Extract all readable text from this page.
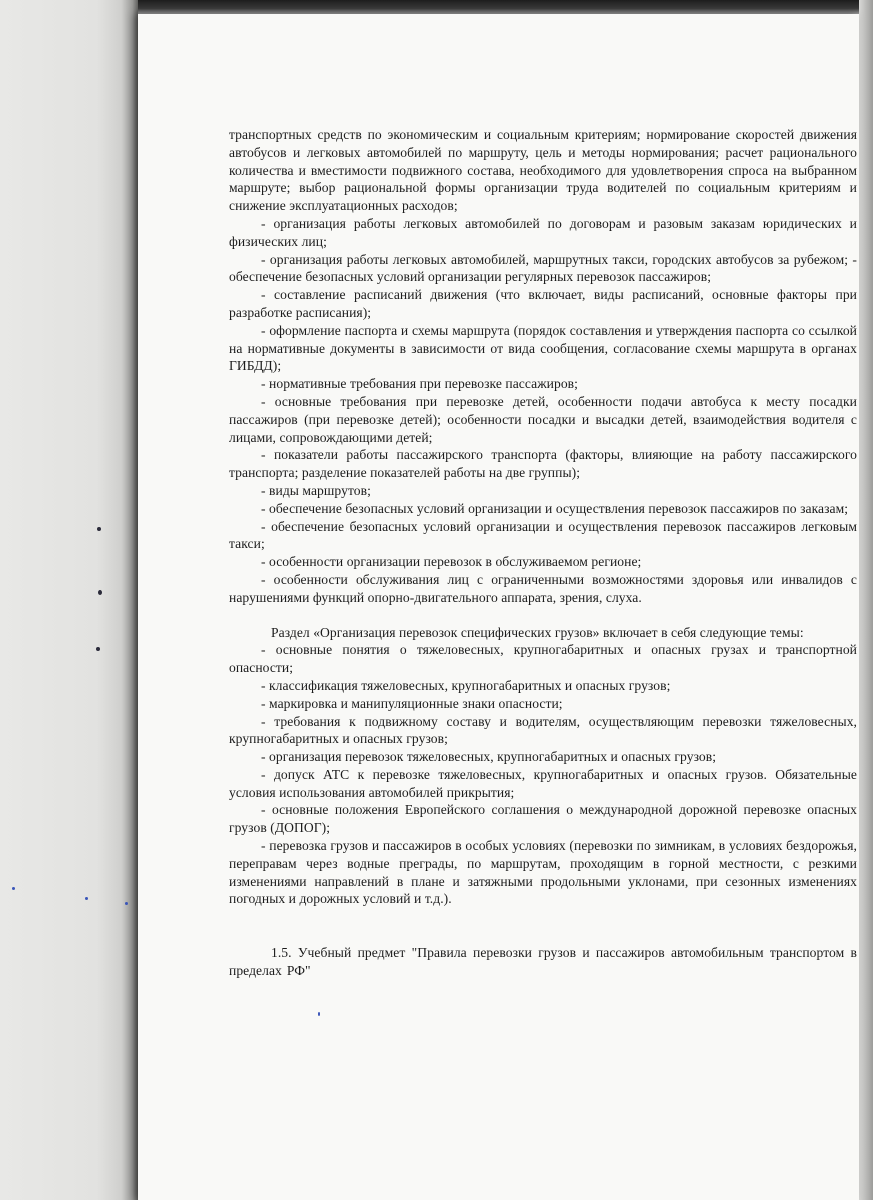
транспортных средств по экономическим и социальным критериям; нормирование скоростей движения автобусов и легковых автомобилей по маршруту, цель и методы нормирования; расчет рационального количества и вместимости подвижного состава, необходимого для удовлетворения спроса на выбранном маршруте; выбор рациональной формы организации труда водителей по социальным критериям и снижение эксплуатационных расходов;

- организация работы легковых автомобилей по договорам и разовым заказам юридических и физических лиц;

- организация работы легковых автомобилей, маршрутных такси, городских автобусов за рубежом; - обеспечение безопасных условий организации регулярных перевозок пассажиров;

- составление расписаний движения (что включает, виды расписаний, основные факторы при разработке расписания);

- оформление паспорта и схемы маршрута (порядок составления и утверждения паспорта со ссылкой на нормативные документы в зависимости от вида сообщения, согласование схемы маршрута в органах ГИБДД);

- нормативные требования при перевозке пассажиров;

- основные требования при перевозке детей, особенности подачи автобуса к месту посадки пассажиров (при перевозке детей); особенности посадки и высадки детей, взаимодействия водителя с лицами, сопровождающими детей;

- показатели работы пассажирского транспорта (факторы, влияющие на работу пассажирского транспорта; разделение показателей работы на две группы);

- виды маршрутов;

- обеспечение безопасных условий организации и осуществления перевозок пассажиров по заказам;

- обеспечение безопасных условий организации и осуществления перевозок пассажиров легковым такси;

- особенности организации перевозок в обслуживаемом регионе;

- особенности обслуживания лиц с ограниченными возможностями здоровья или инвалидов с нарушениями функций опорно-двигательного аппарата, зрения, слуха.

Раздел «Организация перевозок специфических грузов» включает в себя следующие темы:

- основные понятия о тяжеловесных, крупногабаритных и опасных грузах и транспортной опасности;

- классификация тяжеловесных, крупногабаритных и опасных грузов;

- маркировка и манипуляционные знаки опасности;

- требования к подвижному составу и водителям, осуществляющим перевозки тяжеловесных, крупногабаритных и опасных грузов;

- организация перевозок тяжеловесных, крупногабаритных и опасных грузов;

- допуск АТС к перевозке тяжеловесных, крупногабаритных и опасных грузов. Обязательные условия использования автомобилей прикрытия;

- основные положения Европейского соглашения о международной дорожной перевозке опасных грузов (ДОПОГ);

- перевозка грузов и пассажиров в особых условиях (перевозки по зимникам, в условиях бездорожья, переправам через водные преграды, по маршрутам, проходящим в горной местности, с резкими изменениями направлений в плане и затяжными продольными уклонами, при сезонных изменениях погодных и дорожных условий и т.д.).

1.5. Учебный предмет "Правила перевозки грузов и пассажиров автомобильным транспортом в пределах РФ"
